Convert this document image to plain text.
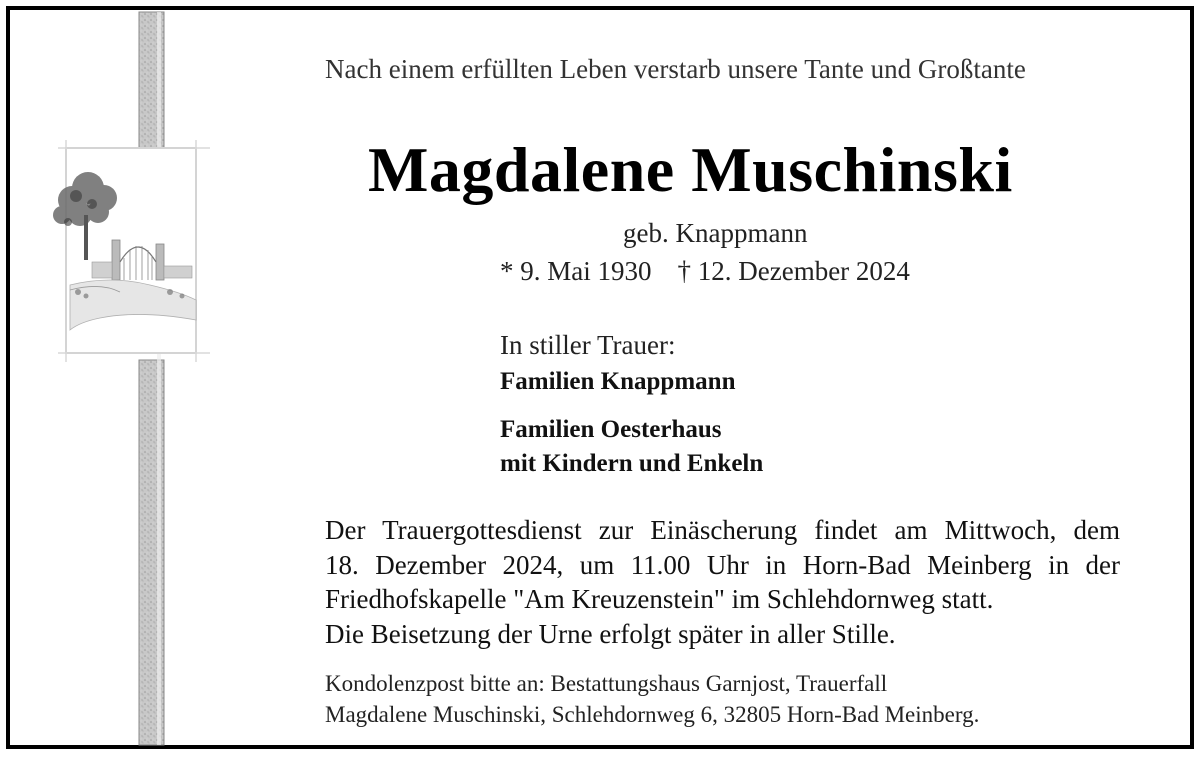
Nach einem erfüllten Leben verstarb unsere Tante und Großtante
Magdalene Muschinski
geb. Knappmann
* 9. Mai 1930 † 12. Dezember 2024
In stiller Trauer:
Familien Knappmann
Familien Oesterhaus
mit Kindern und Enkeln
Der Trauergottesdienst zur Einäscherung findet am Mittwoch, dem
18. Dezember 2024, um 11.00 Uhr in Horn-Bad Meinberg in der
Friedhofskapelle "Am Kreuzenstein" im Schlehdornweg statt.
Die Beisetzung der Urne erfolgt später in aller Stille.
Kondolenzpost bitte an: Bestattungshaus Garnjost, Trauerfall
Magdalene Muschinski, Schlehdornweg 6, 32805 Horn-Bad Meinberg.
